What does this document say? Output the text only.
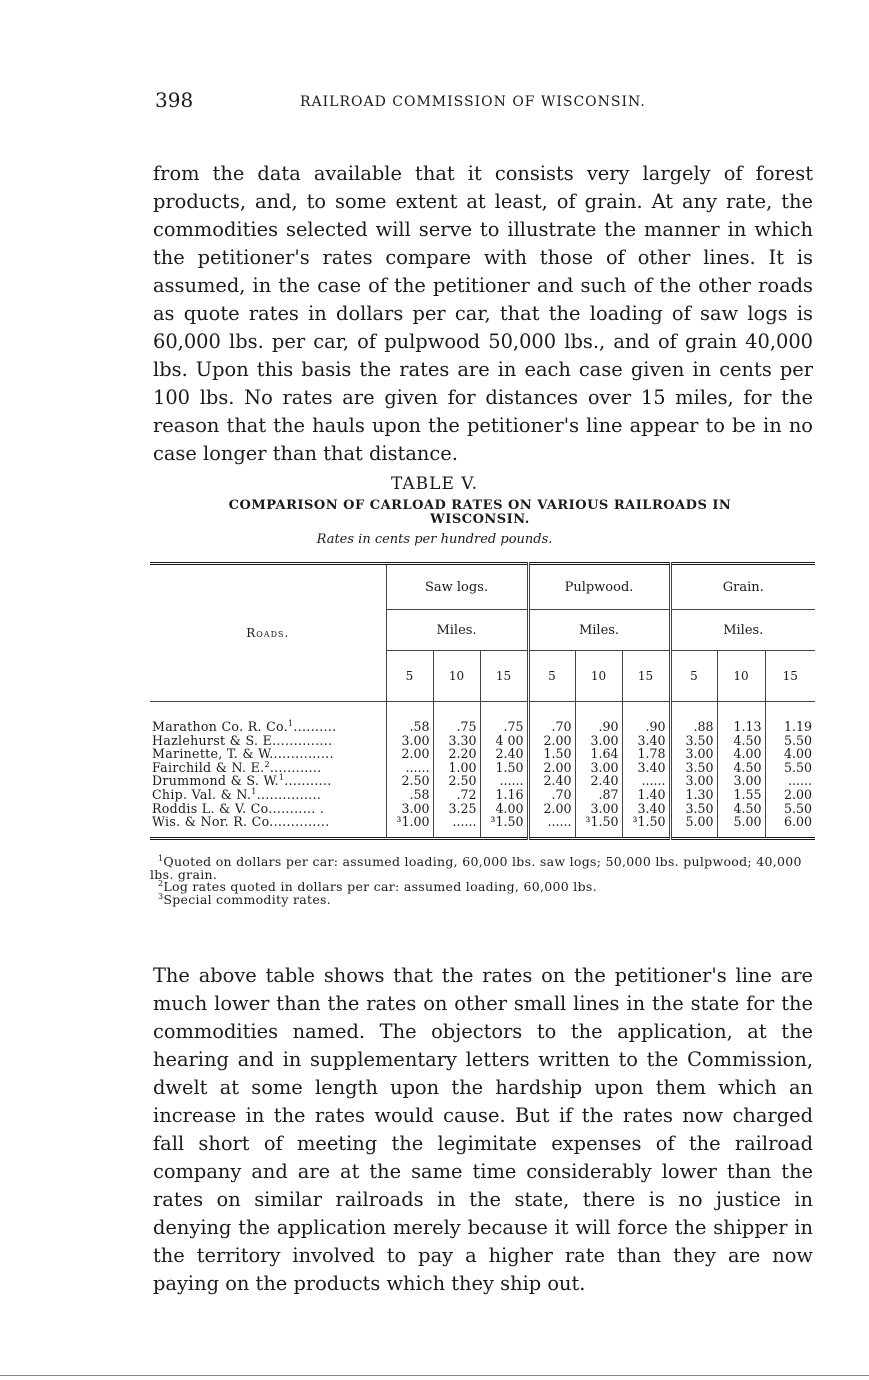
398	RAILROAD COMMISSION OF WISCONSIN.

from the data available that it consists very largely of forest products, and, to some extent at least, of grain. At any rate, the commodities selected will serve to illustrate the manner in which the petitioner's rates compare with those of other lines. It is assumed, in the case of the petitioner and such of the other roads as quote rates in dollars per car, that the loading of saw logs is 60,000 lbs. per car, of pulpwood 50,000 lbs., and of grain 40,000 lbs. Upon this basis the rates are in each case given in cents per 100 lbs. No rates are given for distances over 15 miles, for the reason that the hauls upon the petitioner's line appear to be in no case longer than that distance.

TABLE V.
COMPARISON OF CARLOAD RATES ON VARIOUS RAILROADS IN WISCONSIN.
Rates in cents per hundred pounds.
Roads.	Saw logs.			Pulpwood.			Grain.		
	Miles.			Miles.			Miles.		
	5	10	15	5	10	15	5	10	15
Marathon Co. R. Co.$^1$..........	.58	.75	.75	.70	.90	.90	.88	1.13	1.19
Hazlehurst & S. E..............	3.00	3.30	4 00	2.00	3.00	3.40	3.50	4.50	5.50
Marinette, T. & W...............	2.00	2.20	2.40	1.50	1.64	1.78	3.00	4.00	4.00
Fairchild & N. E.$^2$............	......	1.00	1.50	2.00	3.00	3.40	3.50	4.50	5.50
Drummond & S. W.$^1$...........	2.50	2.50	......	2.40	2.40	......	3.00	3.00	......
Chip. Val. & N.$^1$...............	.58	.72	1.16	.70	.87	1.40	1.30	1.55	2.00
Roddis L. & V. Co........... .	3.00	3.25	4.00	2.00	3.00	3.40	3.50	4.50	5.50
Wis. & Nor. R. Co..............	³1.00	......	³1.50	......	³1.50	³1.50	5.00	5.00	6.00

$^1$Quoted on dollars per car: assumed loading, 60,000 lbs. saw logs; 50,000 lbs. pulpwood; 40,000 lbs. grain.

$^2$Log rates quoted in dollars per car: assumed loading, 60,000 lbs.

$^3$Special commodity rates.

The above table shows that the rates on the petitioner's line are much lower than the rates on other small lines in the state for the commodities named. The objectors to the application, at the hearing and in supplementary letters written to the Commission, dwelt at some length upon the hardship upon them which an increase in the rates would cause. But if the rates now charged fall short of meeting the legimitate expenses of the railroad company and are at the same time considerably lower than the rates on similar railroads in the state, there is no justice in denying the application merely because it will force the shipper in the territory involved to pay a higher rate than they are now paying on the products which they ship out.
